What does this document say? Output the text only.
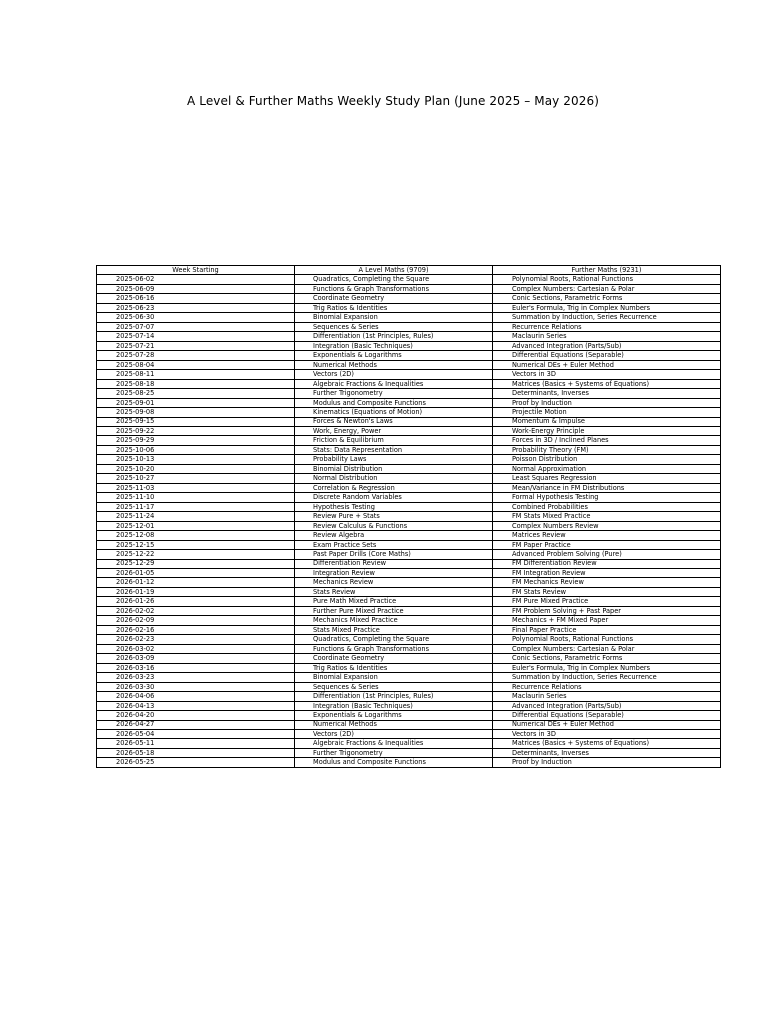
A Level & Further Maths Weekly Study Plan (June 2025 – May 2026)
Week Starting	A Level Maths (9709)	Further Maths (9231)
2025-06-02	Quadratics, Completing the Square	Polynomial Roots, Rational Functions
2025-06-09	Functions & Graph Transformations	Complex Numbers: Cartesian & Polar
2025-06-16	Coordinate Geometry	Conic Sections, Parametric Forms
2025-06-23	Trig Ratios & Identities	Euler's Formula, Trig in Complex Numbers
2025-06-30	Binomial Expansion	Summation by Induction, Series Recurrence
2025-07-07	Sequences & Series	Recurrence Relations
2025-07-14	Differentiation (1st Principles, Rules)	Maclaurin Series
2025-07-21	Integration (Basic Techniques)	Advanced Integration (Parts/Sub)
2025-07-28	Exponentials & Logarithms	Differential Equations (Separable)
2025-08-04	Numerical Methods	Numerical DEs + Euler Method
2025-08-11	Vectors (2D)	Vectors in 3D
2025-08-18	Algebraic Fractions & Inequalities	Matrices (Basics + Systems of Equations)
2025-08-25	Further Trigonometry	Determinants, Inverses
2025-09-01	Modulus and Composite Functions	Proof by Induction
2025-09-08	Kinematics (Equations of Motion)	Projectile Motion
2025-09-15	Forces & Newton's Laws	Momentum & Impulse
2025-09-22	Work, Energy, Power	Work-Energy Principle
2025-09-29	Friction & Equilibrium	Forces in 3D / Inclined Planes
2025-10-06	Stats: Data Representation	Probability Theory (FM)
2025-10-13	Probability Laws	Poisson Distribution
2025-10-20	Binomial Distribution	Normal Approximation
2025-10-27	Normal Distribution	Least Squares Regression
2025-11-03	Correlation & Regression	Mean/Variance in FM Distributions
2025-11-10	Discrete Random Variables	Formal Hypothesis Testing
2025-11-17	Hypothesis Testing	Combined Probabilities
2025-11-24	Review Pure + Stats	FM Stats Mixed Practice
2025-12-01	Review Calculus & Functions	Complex Numbers Review
2025-12-08	Review Algebra	Matrices Review
2025-12-15	Exam Practice Sets	FM Paper Practice
2025-12-22	Past Paper Drills (Core Maths)	Advanced Problem Solving (Pure)
2025-12-29	Differentiation Review	FM Differentiation Review
2026-01-05	Integration Review	FM Integration Review
2026-01-12	Mechanics Review	FM Mechanics Review
2026-01-19	Stats Review	FM Stats Review
2026-01-26	Pure Math Mixed Practice	FM Pure Mixed Practice
2026-02-02	Further Pure Mixed Practice	FM Problem Solving + Past Paper
2026-02-09	Mechanics Mixed Practice	Mechanics + FM Mixed Paper
2026-02-16	Stats Mixed Practice	Final Paper Practice
2026-02-23	Quadratics, Completing the Square	Polynomial Roots, Rational Functions
2026-03-02	Functions & Graph Transformations	Complex Numbers: Cartesian & Polar
2026-03-09	Coordinate Geometry	Conic Sections, Parametric Forms
2026-03-16	Trig Ratios & Identities	Euler's Formula, Trig in Complex Numbers
2026-03-23	Binomial Expansion	Summation by Induction, Series Recurrence
2026-03-30	Sequences & Series	Recurrence Relations
2026-04-06	Differentiation (1st Principles, Rules)	Maclaurin Series
2026-04-13	Integration (Basic Techniques)	Advanced Integration (Parts/Sub)
2026-04-20	Exponentials & Logarithms	Differential Equations (Separable)
2026-04-27	Numerical Methods	Numerical DEs + Euler Method
2026-05-04	Vectors (2D)	Vectors in 3D
2026-05-11	Algebraic Fractions & Inequalities	Matrices (Basics + Systems of Equations)
2026-05-18	Further Trigonometry	Determinants, Inverses
2026-05-25	Modulus and Composite Functions	Proof by Induction
